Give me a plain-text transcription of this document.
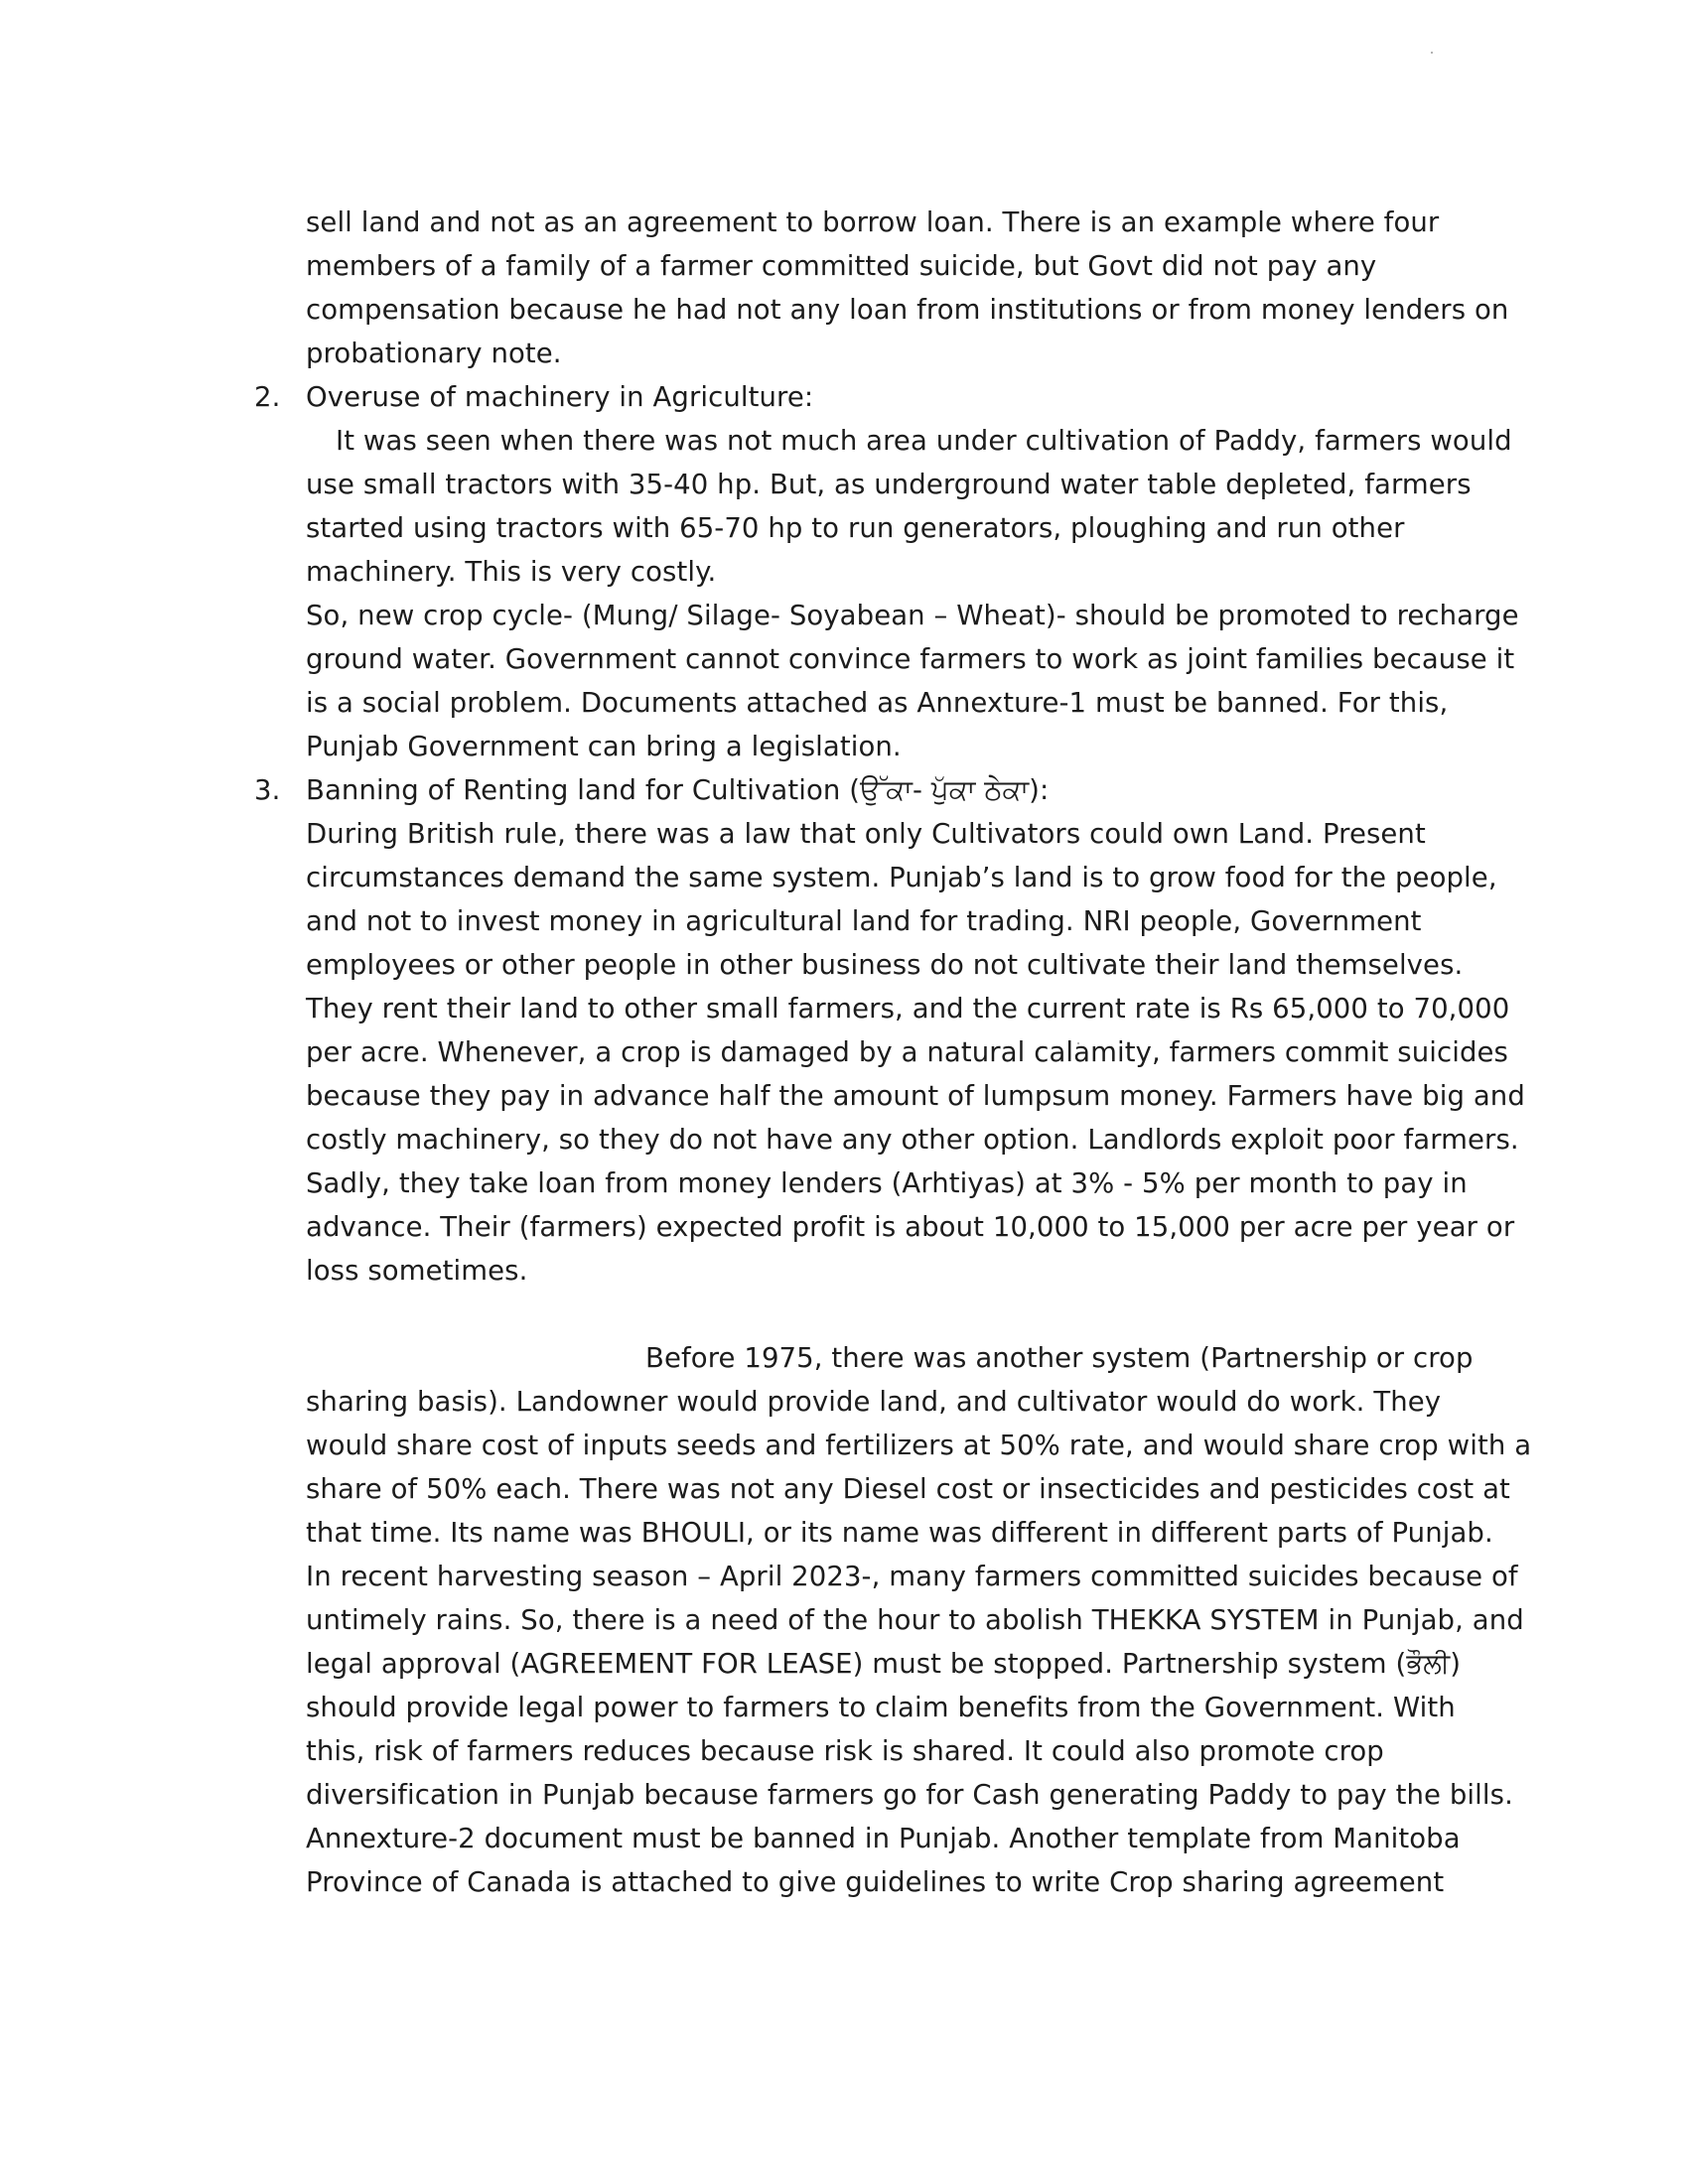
sell land and not as an agreement to borrow loan. There is an example where four
members of a family of a farmer committed suicide, but Govt did not pay any
compensation because he had not any loan from institutions or from money lenders on
probationary note.
2. Overuse of machinery in Agriculture:
It was seen when there was not much area under cultivation of Paddy, farmers would
use small tractors with 35-40 hp. But, as underground water table depleted, farmers
started using tractors with 65-70 hp to run generators, ploughing and run other
machinery. This is very costly.
So, new crop cycle- (Mung/ Silage- Soyabean – Wheat)- should be promoted to recharge
ground water. Government cannot convince farmers to work as joint families because it
is a social problem. Documents attached as Annexture-1 must be banned. For this,
Punjab Government can bring a legislation.
3. Banning of Renting land for Cultivation (ਉੱਕਾ- ਪੁੱਕਾ ਠੇਕਾ):
During British rule, there was a law that only Cultivators could own Land. Present
circumstances demand the same system. Punjab’s land is to grow food for the people,
and not to invest money in agricultural land for trading. NRI people, Government
employees or other people in other business do not cultivate their land themselves.
They rent their land to other small farmers, and the current rate is Rs 65,000 to 70,000
per acre. Whenever, a crop is damaged by a natural calamity, farmers commit suicides
because they pay in advance half the amount of lumpsum money. Farmers have big and
costly machinery, so they do not have any other option. Landlords exploit poor farmers.
Sadly, they take loan from money lenders (Arhtiyas) at 3% - 5% per month to pay in
advance. Their (farmers) expected profit is about 10,000 to 15,000 per acre per year or
loss sometimes.
Before 1975, there was another system (Partnership or crop
sharing basis). Landowner would provide land, and cultivator would do work. They
would share cost of inputs seeds and fertilizers at 50% rate, and would share crop with a
share of 50% each. There was not any Diesel cost or insecticides and pesticides cost at
that time. Its name was BHOULI, or its name was different in different parts of Punjab.
In recent harvesting season – April 2023-, many farmers committed suicides because of
untimely rains. So, there is a need of the hour to abolish THEKKA SYSTEM in Punjab, and
legal approval (AGREEMENT FOR LEASE) must be stopped. Partnership system (ਭੌਲੀ)
should provide legal power to farmers to claim benefits from the Government. With
this, risk of farmers reduces because risk is shared. It could also promote crop
diversification in Punjab because farmers go for Cash generating Paddy to pay the bills.
Annexture-2 document must be banned in Punjab. Another template from Manitoba
Province of Canada is attached to give guidelines to write Crop sharing agreement
